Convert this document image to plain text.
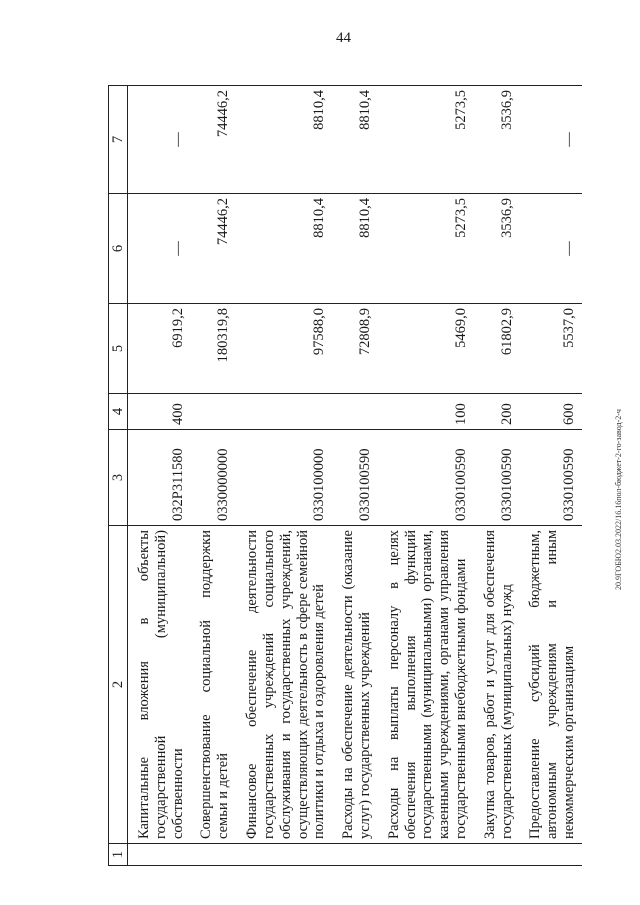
44
20.9ГОБЮ2.03.2022/16.16пол-бюджет-2-го-завод-2-ч
1	2	3	4	5	6	7
	Капитальные вложения в объекты государственной (муниципальной) собственности	032Р311580	400	6919,2	—	—
	Совершенствование социальной поддержки семьи и детей	0330000000		180319,8	74446,2	74446,2
	Финансовое обеспечение деятельности государственных учреждений социального обслуживания и государственных учреждений, осуществляющих деятельность в сфере семейной политики и отдыха и оздоровления детей	0330100000		97588,0	8810,4	8810,4
	Расходы на обеспечение деятельности (оказание услуг) государственных учреждений	0330100590		72808,9	8810,4	8810,4
	Расходы на выплаты персоналу в целях обеспечения выполнения функций государственными (муниципальными) органами, казенными учреждениями, органами управления государственными внебюджетными фондами	0330100590	100	5469,0	5273,5	5273,5
	Закупка товаров, работ и услуг для обеспечения государственных (муниципальных) нужд	0330100590	200	61802,9	3536,9	3536,9
	Предоставление субсидий бюджетным, автономным учреждениям и иным некоммерческим организациям	0330100590	600	5537,0	—	—
